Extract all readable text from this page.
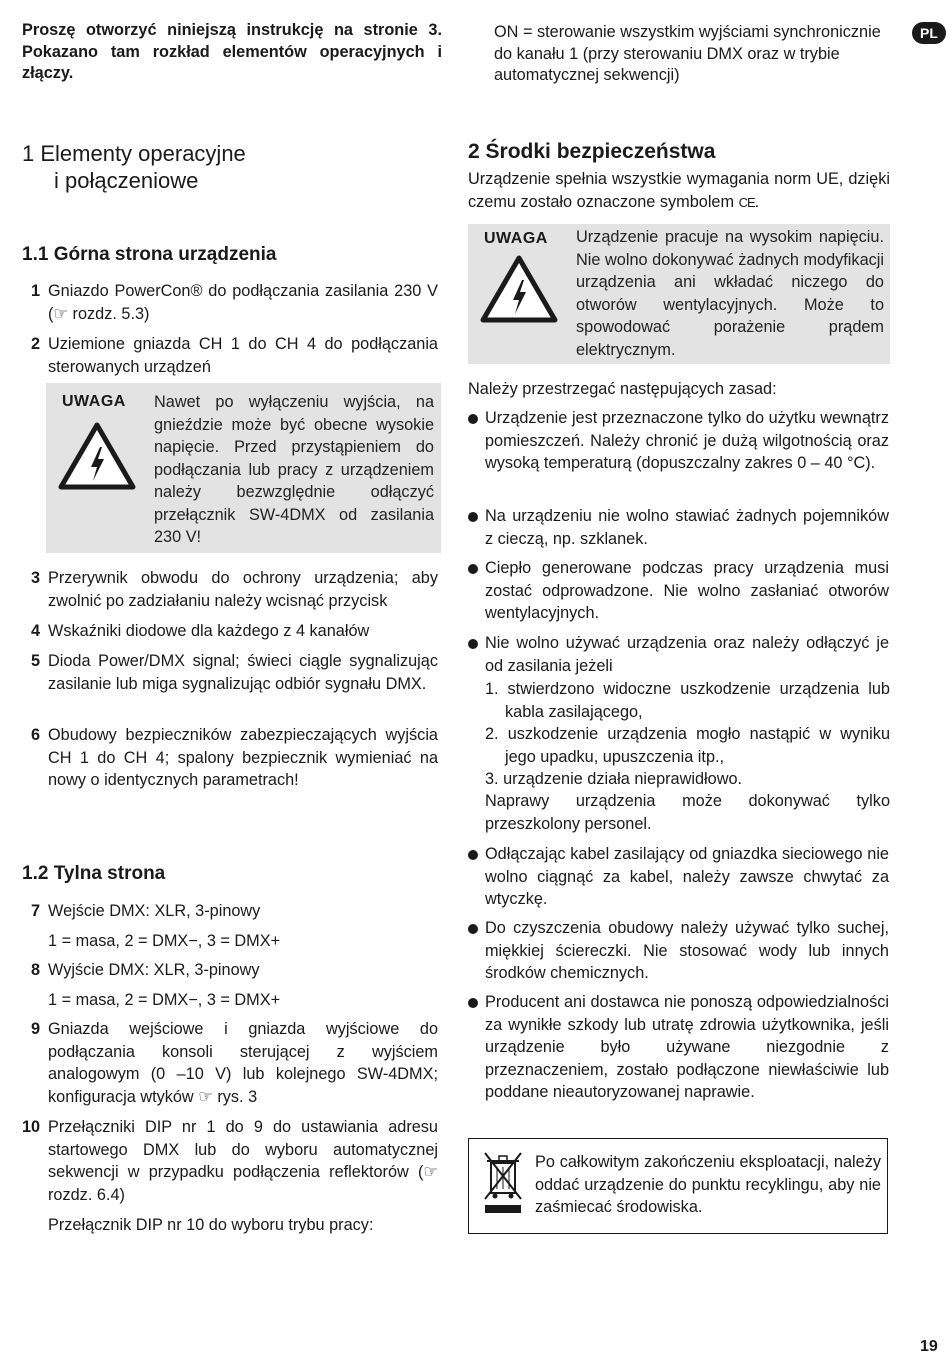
Proszę otworzyć niniejszą instrukcję na stronie 3. Pokazano tam rozkład elementów operacyjnych i złączy.
ON = sterowanie wszystkim wyjściami synchronicznie do kanału 1 (przy sterowaniu DMX oraz w trybie automatycznej sekwencji)
PL
1 Elementy operacyjne
i połączeniowe
1.1 Górna strona urządzenia
1 Gniazdo PowerCon® do podłączania zasilania 230 V (☞ rozdz. 5.3)
2 Uziemione gniazda CH 1 do CH 4 do podłączania sterowanych urządzeń
UWAGA Nawet po wyłączeniu wyjścia, na gnieździe może być obecne wysokie napięcie. Przed przystąpieniem do podłączania lub pracy z urządzeniem należy bezwzględnie odłączyć przełącznik SW-4DMX od zasilania 230 V!
3 Przerywnik obwodu do ochrony urządzenia; aby zwolnić po zadziałaniu należy wcisnąć przycisk
4 Wskaźniki diodowe dla każdego z 4 kanałów
5 Dioda Power/DMX signal; świeci ciągle sygnalizując zasilanie lub miga sygnalizując odbiór sygnału DMX.
6 Obudowy bezpieczników zabezpieczających wyjścia CH 1 do CH 4; spalony bezpiecznik wymieniać na nowy o identycznych parametrach!
1.2 Tylna strona
7 Wejście DMX: XLR, 3-pinowy
1 = masa, 2 = DMX−, 3 = DMX+
8 Wyjście DMX: XLR, 3-pinowy
1 = masa, 2 = DMX−, 3 = DMX+
9 Gniazda wejściowe i gniazda wyjściowe do podłączania konsoli sterującej z wyjściem analogowym (0 –10 V) lub kolejnego SW-4DMX; konfiguracja wtyków ☞ rys. 3
10 Przełączniki DIP nr 1 do 9 do ustawiania adresu startowego DMX lub do wyboru automatycznej sekwencji w przypadku podłączenia reflektorów (☞ rozdz. 6.4)
Przełącznik DIP nr 10 do wyboru trybu pracy:
2 Środki bezpieczeństwa
Urządzenie spełnia wszystkie wymagania norm UE, dzięki czemu zostało oznaczone symbolem CE.
UWAGA Urządzenie pracuje na wysokim napięciu. Nie wolno dokonywać żadnych modyfikacji urządzenia ani wkładać niczego do otworów wentylacyjnych. Może to spowodować porażenie prądem elektrycznym.
Należy przestrzegać następujących zasad:
Urządzenie jest przeznaczone tylko do użytku wewnątrz pomieszczeń. Należy chronić je dużą wilgotnością oraz wysoką temperaturą (dopuszczalny zakres 0 – 40 °C).
Na urządzeniu nie wolno stawiać żadnych pojemników z cieczą, np. szklanek.
Ciepło generowane podczas pracy urządzenia musi zostać odprowadzone. Nie wolno zasłaniać otworów wentylacyjnych.
Nie wolno używać urządzenia oraz należy odłączyć je od zasilania jeżeli
1. stwierdzono widoczne uszkodzenie urządzenia lub kabla zasilającego,
2. uszkodzenie urządzenia mogło nastąpić w wyniku jego upadku, upuszczenia itp.,
3. urządzenie działa nieprawidłowo.
Naprawy urządzenia może dokonywać tylko przeszkolony personel.
Odłączając kabel zasilający od gniazdka sieciowego nie wolno ciągnąć za kabel, należy zawsze chwytać za wtyczkę.
Do czyszczenia obudowy należy używać tylko suchej, miękkiej ściereczki. Nie stosować wody lub innych środków chemicznych.
Producent ani dostawca nie ponoszą odpowiedzialności za wynikłe szkody lub utratę zdrowia użytkownika, jeśli urządzenie było używane niezgodnie z przeznaczeniem, zostało podłączone niewłaściwie lub poddane nieautoryzowanej naprawie.
Po całkowitym zakończeniu eksploatacji, należy oddać urządzenie do punktu recyklingu, aby nie zaśmiecać środowiska.
19
